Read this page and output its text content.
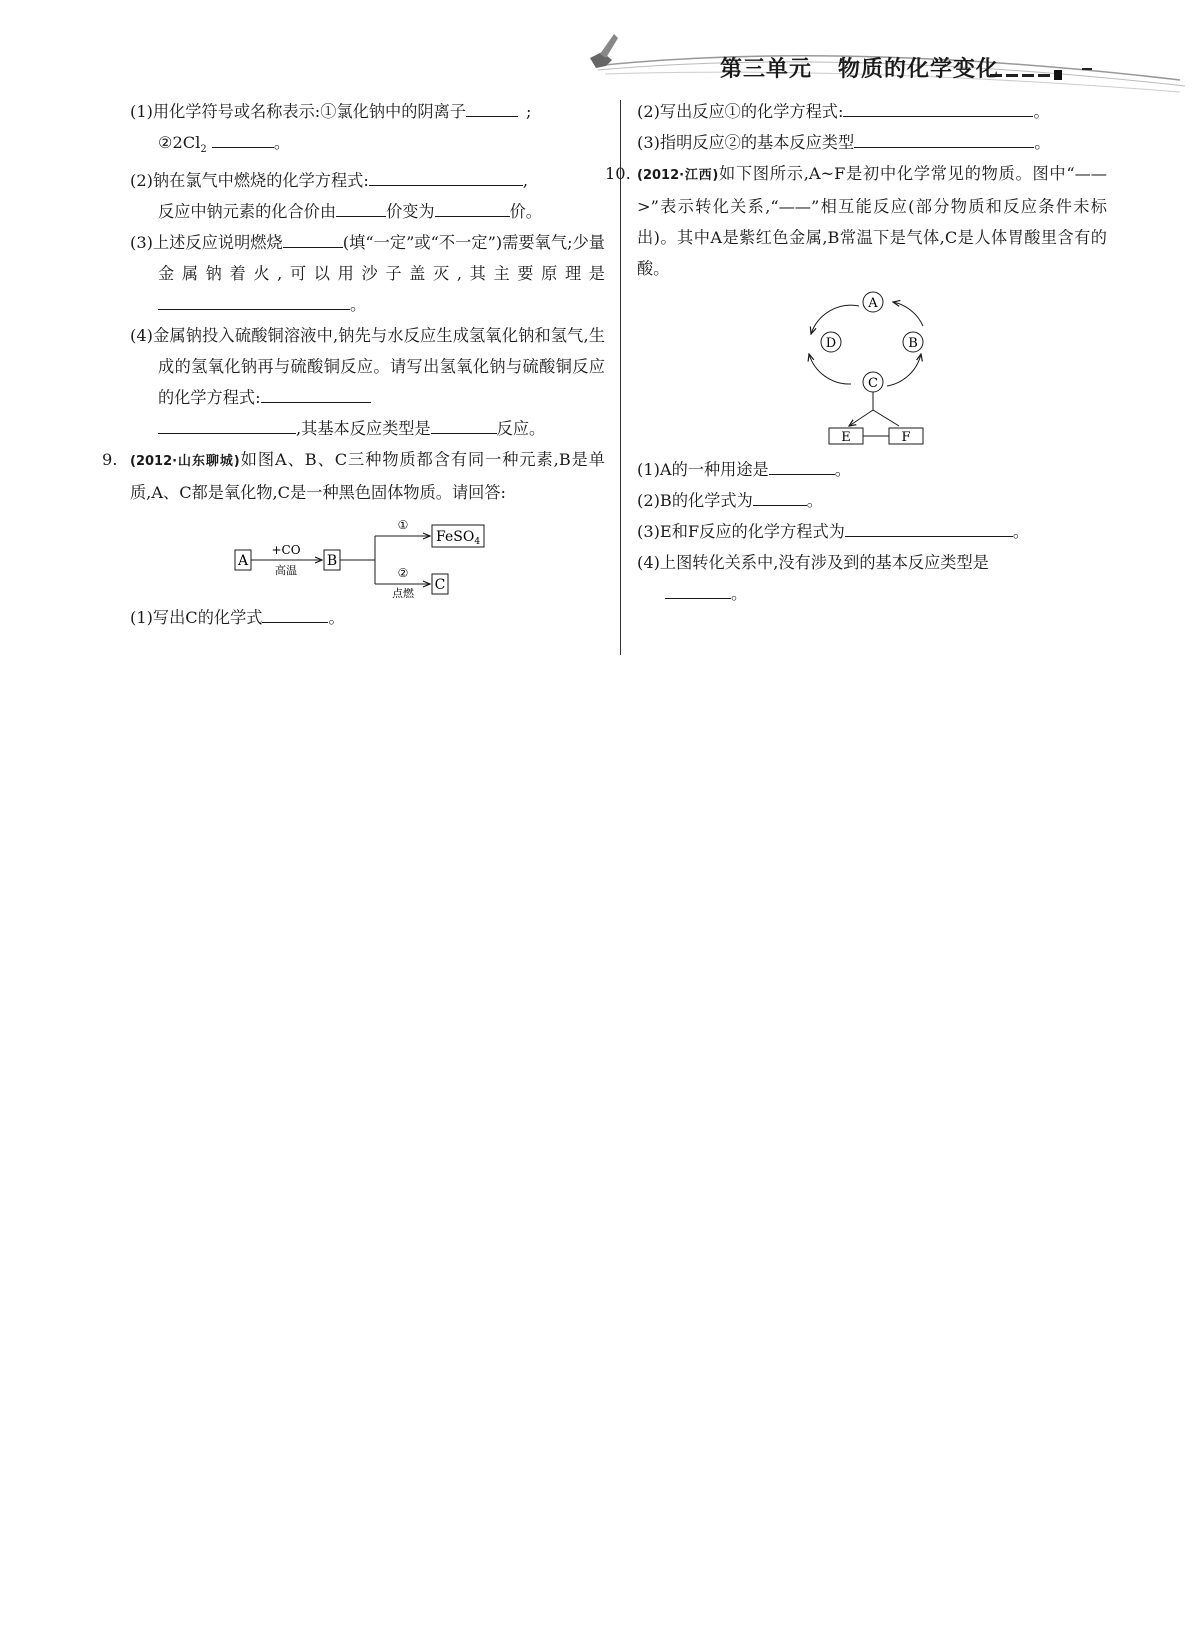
第三单元 物质的化学变化
(1)用化学符号或名称表示:①氯化钠中的阴离子	;
$②2Cl_2$	。
(2)钠在氯气中燃烧的化学方程式:	,
反应中钠元素的化合价由	价变为	价。
(3)上述反应说明燃烧	(填“一定”或“不一定”)需要氧气;少量金属钠着火,可以用沙子盖灭,其主要原理是。
(4)金属钠投入硫酸铜溶液中,钠先与水反应生成氢氧化钠和氢气,生成的氢氧化钠再与硫酸铜反应。请写出氢氧化钠与硫酸铜反应的化学方程式:
,其基本反应类型是	反应。
9. (2012·山东聊城)如图A、B、C三种物质都含有同一种元素,B是单质,A、C都是氧化物,C是一种黑色固体物质。请回答:
A
+CO
高温
B
①
②
点燃
FeSO$_4$
C
(1)写出C的化学式	。
(2)写出反应①的化学方程式:	。
(3)指明反应②的基本反应类型	。
10. (2012·江西)如下图所示,A~F是初中化学常见的物质。图中“——>”表示转化关系,“——”相互能反应(部分物质和反应条件未标出)。其中A是紫红色金属,B常温下是气体,C是人体胃酸里含有的酸。
A
D	B
C
E	F
(1)A的一种用途是	。
(2)B的化学式为	。
(3)E和F反应的化学方程式为	。
(4)上图转化关系中,没有涉及到的基本反应类型是
。
